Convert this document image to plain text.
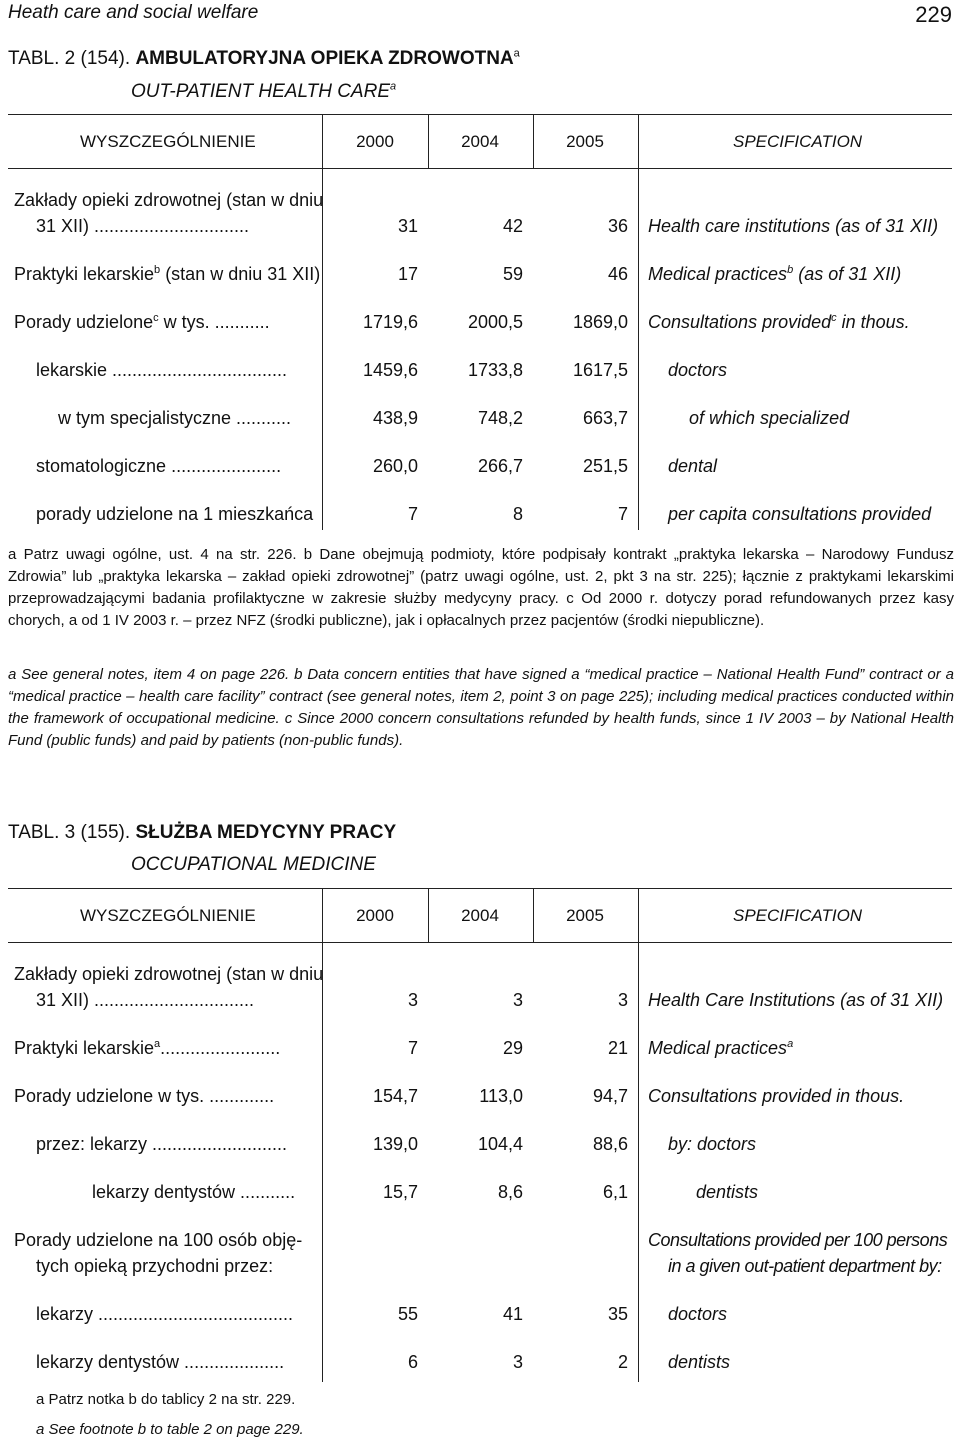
Heath care and social welfare	229
TABL. 2 (154). AMBULATORYJNA OPIEKA ZDROWOTNA$^a$
OUT-PATIENT HEALTH CARE$^a$
WYSZCZEGÓLNIENIE	2000	2004	2005	SPECIFICATION
Zakłady opieki zdrowotnej (stan w dniu
31 XII) ...............................	31	42	36 Health care institutions (as of 31 XII)
Praktyki lekarskie$^b$ (stan w dniu 31 XII)	17	59	46 Medical practices$^b$ (as of 31 XII)
Porady udzielone$^c$ w tys. ...........	1719,6	2000,5	1869,0 Consultations provided$^c$ in thous.
lekarskie ...................................	1459,6	1733,8	1617,5 doctors
w tym specjalistyczne ...........	438,9	748,2	663,7	of which specialized
stomatologiczne ......................	260,0	266,7	251,5 dental
porady udzielone na 1 mieszkańca	7	8	7 per capita consultations provided
a Patrz uwagi ogólne, ust. 4 na str. 226. b Dane obejmują podmioty, które podpisały kontrakt „praktyka lekarska – Narodowy Fundusz Zdrowia” lub „praktyka lekarska – zakład opieki zdrowotnej” (patrz uwagi ogólne, ust. 2, pkt 3 na str. 225); łącznie z praktykami lekarskimi przeprowadzającymi badania profilaktyczne w zakresie służby medycyny pracy. c Od 2000 r. dotyczy porad refundowanych przez kasy chorych, a od 1 IV 2003 r. – przez NFZ (środki publiczne), jak i opłacalnych przez pacjentów (środki niepubliczne).
a See general notes, item 4 on page 226. b Data concern entities that have signed a “medical practice – National Health Fund” contract or a “medical practice – health care facility” contract (see general notes, item 2, point 3 on page 225); including medical practices conducted within the framework of occupational medicine. c Since 2000 concern consultations refunded by health funds, since 1 IV 2003 – by National Health Fund (public funds) and paid by patients (non-public funds).
TABL. 3 (155). SŁUŻBA MEDYCYNY PRACY
OCCUPATIONAL MEDICINE
WYSZCZEGÓLNIENIE	2000	2004	2005	SPECIFICATION
Zakłady opieki zdrowotnej (stan w dniu
31 XII) ................................	3	3	3 Health Care Institutions (as of 31 XII)
Praktyki lekarskie$^a$........................	7	29	21 Medical practices$^a$
Porady udzielone w tys. .............	154,7	113,0	94,7 Consultations provided in thous.
przez: lekarzy ...........................	139,0	104,4	88,6 by: doctors
lekarzy dentystów ...........	15,7	8,6	6,1	dentists
Porady udzielone na 100 osób obję-
tych opieką przychodni przez:
Consultations provided per 100 persons
in a given out-patient department by:
lekarzy .......................................	55	41	35 doctors
lekarzy dentystów ....................	6	3	2 dentists
a Patrz notka b do tablicy 2 na str. 229.
a See footnote b to table 2 on page 229.
